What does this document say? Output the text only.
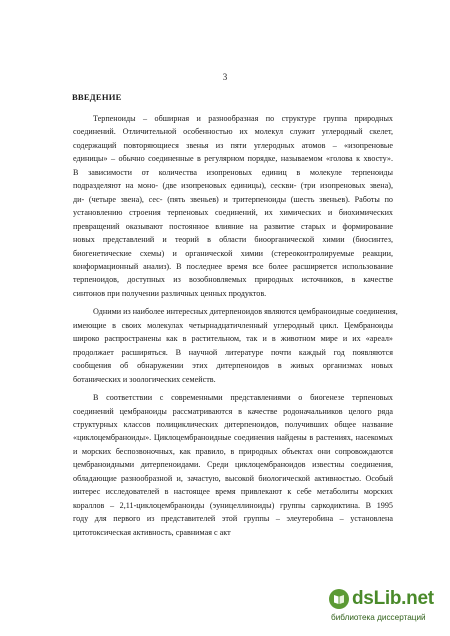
3
ВВЕДЕНИЕ

Терпеноиды – обширная и разнообразная по структуре группа природных
соединений. Отличительной особенностью их молекул служит углеродный скелет,
содержащий повторяющиеся звенья из пяти углеродных атомов – «изопреновые
единицы» – обычно соединенные в регулярном порядке, называемом «голова к хвосту».
В зависимости от количества изопреновых единиц в молекуле терпеноиды
подразделяют на моно- (две изопреновых единицы), сескви- (три изопреновых звена),
ди- (четыре звена), сес- (пять звеньев) и тритерпеноиды (шесть звеньев). Работы по
установлению строения терпеновых соединений, их химических и биохимических
превращений оказывают постоянное влияние на развитие старых и формирование
новых представлений и теорий в области биоорганической химии (биосинтез,
биогенетические схемы) и органической химии (стереоконтролируемые реакции,
конформационный анализ). В последнее время все более расширяется использование
терпеноидов, доступных из возобновляемых природных источников, в качестве
синтонов при получении различных ценных продуктов.

Одними из наиболее интересных дитерпеноидов являются цембраноидные соединения,
имеющие в своих молекулах четырнадцатичленный углеродный цикл. Цембраноиды
широко распространены как в растительном, так и в животном мире и их «ареал»
продолжает расширяться. В научной литературе почти каждый год появляются
сообщения об обнаружении этих дитерпеноидов в живых организмах новых
ботанических и зоологических семейств.

В соответствии с современными представлениями о биогенезе терпеновых
соединений цембраноиды рассматриваются в качестве родоначальников целого ряда
структурных классов полициклических дитерпеноидов, получивших общее название
«циклоцембраноиды». Циклоцембраноидные соединения найдены в растениях, насекомых
и морских беспозвоночных, как правило, в природных объектах они сопровождаются
цембраноидными дитерпеноидами. Среди циклоцембраноидов известны соединения,
обладающие разнообразной и, зачастую, высокой биологической активностью. Особый
интерес исследователей в настоящее время привлекают к себе метаболиты морских
кораллов – 2,11-циклоцембраноиды (эуницеллиноиды) группы саркодиктина. В 1995
году для первого из представителей этой группы – элеутеробина – установлена
цитотоксическая активность, сравнимая с акт

dsLib.net
библиотека диссертаций
